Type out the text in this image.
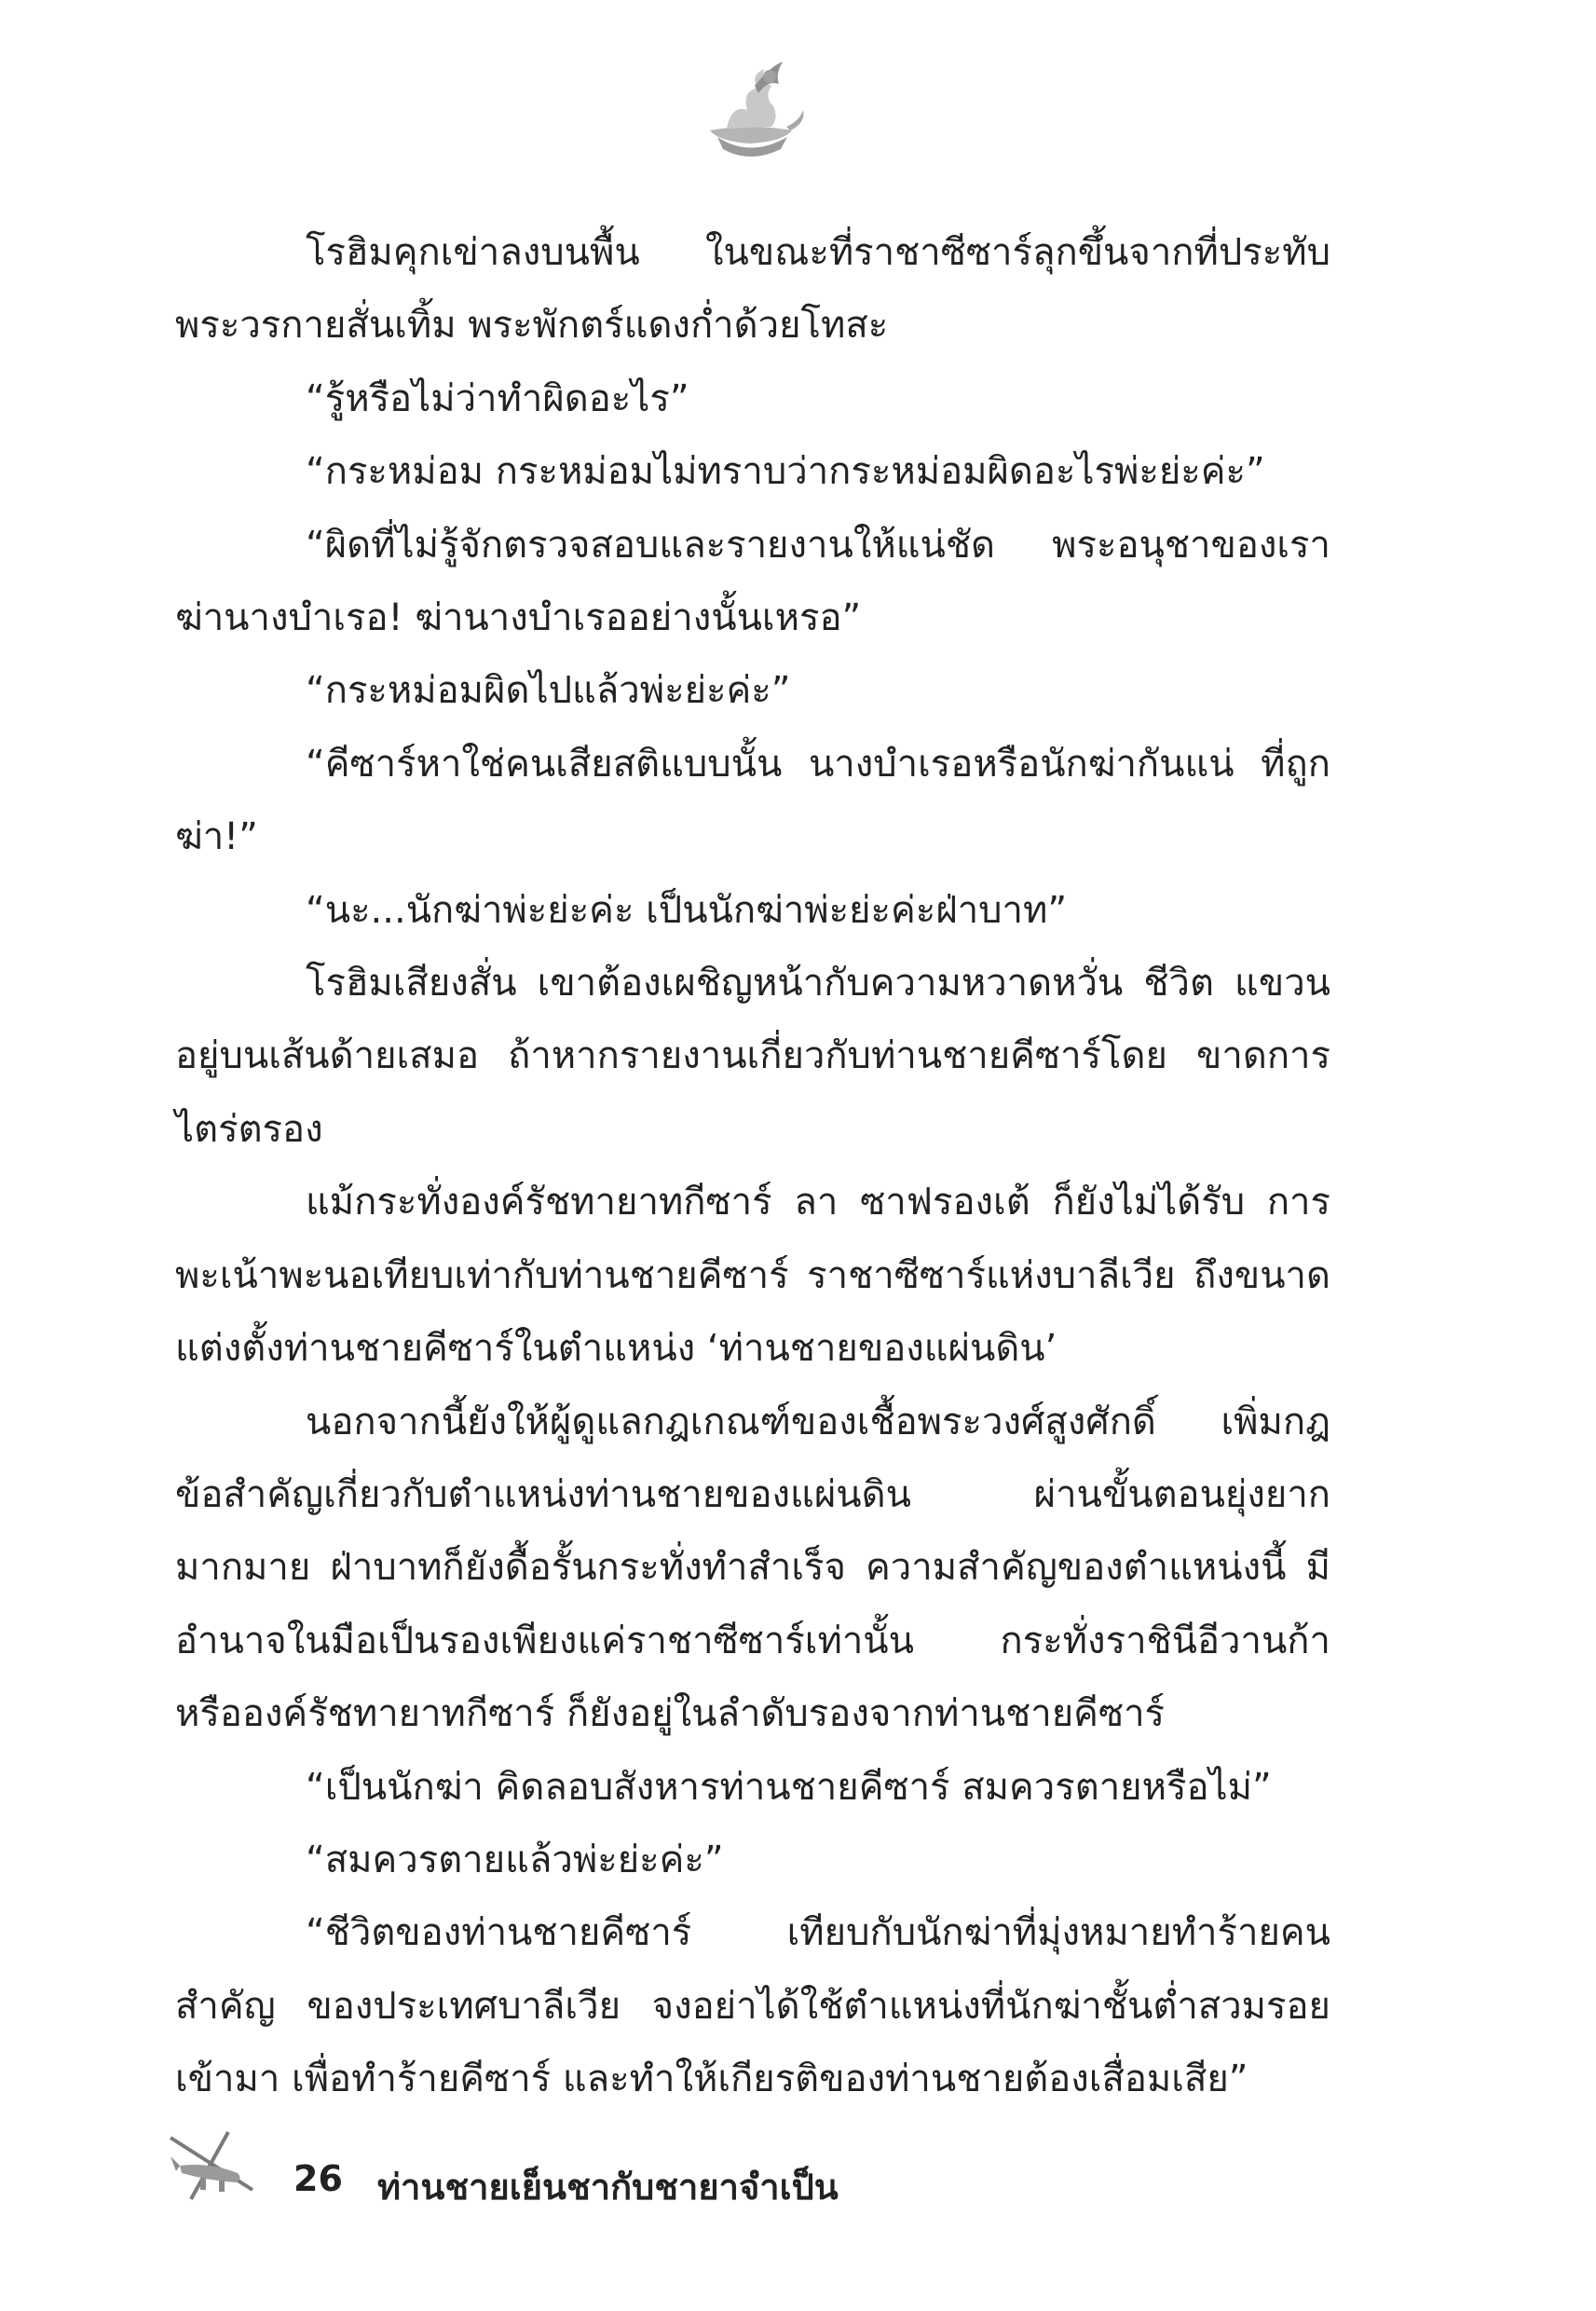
โรฮิมคุกเข่าลงบนพื้น ในขณะที่ราชาซีซาร์ลุกขึ้นจากที่ประทับ พระวรกายสั่นเทิ้ม พระพักตร์แดงก่ำด้วยโทสะ

“รู้หรือไม่ว่าทำผิดอะไร”

“กระหม่อม กระหม่อมไม่ทราบว่ากระหม่อมผิดอะไรพ่ะย่ะค่ะ”

“ผิดที่ไม่รู้จักตรวจสอบและรายงานให้แน่ชัด พระอนุชาของเรา ฆ่านางบำเรอ! ฆ่านางบำเรออย่างนั้นเหรอ”

“กระหม่อมผิดไปแล้วพ่ะย่ะค่ะ”

“คีซาร์หาใช่คนเสียสติแบบนั้น นางบำเรอหรือนักฆ่ากันแน่ ที่ถูกฆ่า!”

“นะ...นักฆ่าพ่ะย่ะค่ะ เป็นนักฆ่าพ่ะย่ะค่ะฝ่าบาท”

โรฮิมเสียงสั่น เขาต้องเผชิญหน้ากับความหวาดหวั่น ชีวิต แขวนอยู่บนเส้นด้ายเสมอ ถ้าหากรายงานเกี่ยวกับท่านชายคีซาร์โดย ขาดการไตร่ตรอง

แม้กระทั่งองค์รัชทายาทกีซาร์ ลา ซาฟรองเต้ ก็ยังไม่ได้รับ การพะเน้าพะนอเทียบเท่ากับท่านชายคีซาร์ ราชาซีซาร์แห่งบาลีเวีย ถึงขนาดแต่งตั้งท่านชายคีซาร์ในตำแหน่ง ‘ท่านชายของแผ่นดิน’

นอกจากนี้ยังให้ผู้ดูแลกฎเกณฑ์ของเชื้อพระวงศ์สูงศักดิ์ เพิ่มกฎ ข้อสำคัญเกี่ยวกับตำแหน่งท่านชายของแผ่นดิน ผ่านขั้นตอนยุ่งยาก มากมาย ฝ่าบาทก็ยังดื้อรั้นกระทั่งทำสำเร็จ ความสำคัญของตำแหน่งนี้ มีอำนาจในมือเป็นรองเพียงแค่ราชาซีซาร์เท่านั้น กระทั่งราชินีอีวานก้า หรือองค์รัชทายาทกีซาร์ ก็ยังอยู่ในลำดับรองจากท่านชายคีซาร์

“เป็นนักฆ่า คิดลอบสังหารท่านชายคีซาร์ สมควรตายหรือไม่”

“สมควรตายแล้วพ่ะย่ะค่ะ”

“ชีวิตของท่านชายคีซาร์ เทียบกับนักฆ่าที่มุ่งหมายทำร้ายคนสำคัญ ของประเทศบาลีเวีย จงอย่าได้ใช้ตำแหน่งที่นักฆ่าชั้นต่ำสวมรอยเข้ามา เพื่อทำร้ายคีซาร์ และทำให้เกียรติของท่านชายต้องเสื่อมเสีย”

26 ท่านชายเย็นชากับชายาจำเป็น
